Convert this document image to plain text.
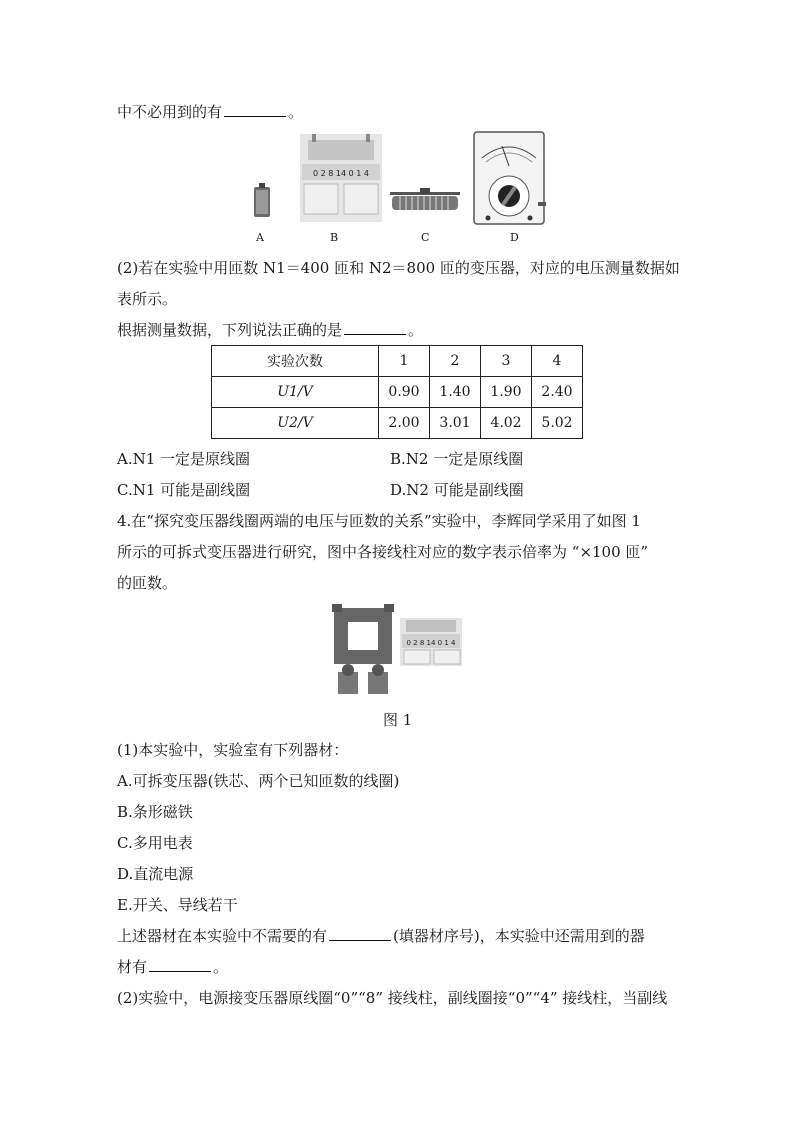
中不必用到的有	。
0 2 8 14 0 1 4
A	B	C	D
(2)若在实验中用匝数 N1＝400 匝和 N2＝800 匝的变压器，对应的电压测量数据如
表所示。
根据测量数据，下列说法正确的是	。
实验次数	1	2	3	4
U1/V	0.90	1.40	1.90	2.40
U2/V	2.00	3.01	4.02	5.02
A.N1 一定是原线圈	B.N2 一定是原线圈
C.N1 可能是副线圈	D.N2 可能是副线圈
4.在“探究变压器线圈两端的电压与匝数的关系”实验中，李辉同学采用了如图 1
所示的可拆式变压器进行研究，图中各接线柱对应的数字表示倍率为 “×100 匝”
的匝数。
0 2 8 14 0 1 4
图 1
(1)本实验中，实验室有下列器材：
A.可拆变压器(铁芯、两个已知匝数的线圈)
B.条形磁铁
C.多用电表
D.直流电源
E.开关、导线若干
上述器材在本实验中不需要的有	(填器材序号)，本实验中还需用到的器
材有	。
(2)实验中，电源接变压器原线圈“0”“8” 接线柱，副线圈接“0”“4” 接线柱，当副线
